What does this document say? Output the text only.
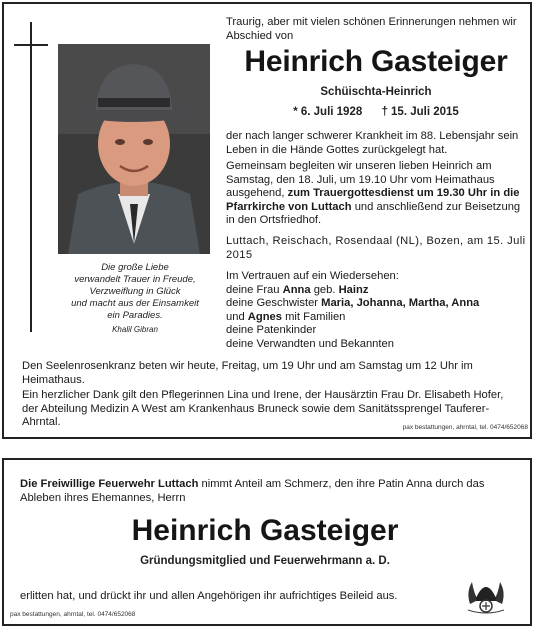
Die große Liebe
verwandelt Trauer in Freude,
Verzweiflung in Glück
und macht aus der Einsamkeit
ein Paradies.
Khalil Gibran
Traurig, aber mit vielen schönen Erinnerungen nehmen wir Abschied von
Heinrich Gasteiger
Schüischta-Heinrich
* 6. Juli 1928 † 15. Juli 2015
der nach langer schwerer Krankheit im 88. Lebensjahr sein Leben in die Hände Gottes zurückgelegt hat.
Gemeinsam begleiten wir unseren lieben Heinrich am Samstag, den 18. Juli, um 19.10 Uhr vom Heimathaus ausgehend, zum Trauergottesdienst um 19.30 Uhr in die Pfarrkirche von Luttach und anschließend zur Beisetzung in den Ortsfriedhof.
Luttach, Reischach, Rosendaal (NL), Bozen, am 15. Juli 2015
Im Vertrauen auf ein Wiedersehen:
deine Frau Anna geb. Hainz
deine Geschwister Maria, Johanna, Martha, Anna
und Agnes mit Familien
deine Patenkinder
deine Verwandten und Bekannten
Den Seelenrosenkranz beten wir heute, Freitag, um 19 Uhr und am Samstag um 12 Uhr im Heimathaus.
Ein herzlicher Dank gilt den Pflegerinnen Lina und Irene, der Hausärztin Frau Dr. Elisabeth Hofer, der Abteilung Medizin A West am Krankenhaus Bruneck sowie dem Sanitätssprengel Tauferer-Ahrntal.	pax bestattungen, ahrntal, tel. 0474/652068
Die Freiwillige Feuerwehr Luttach nimmt Anteil am Schmerz, den ihre Patin Anna durch das Ableben ihres Ehemannes, Herrn
Heinrich Gasteiger
Gründungsmitglied und Feuerwehrmann a. D.
erlitten hat, und drückt ihr und allen Angehörigen ihr aufrichtiges Beileid aus.
pax bestattungen, ahrntal, tel. 0474/652068
